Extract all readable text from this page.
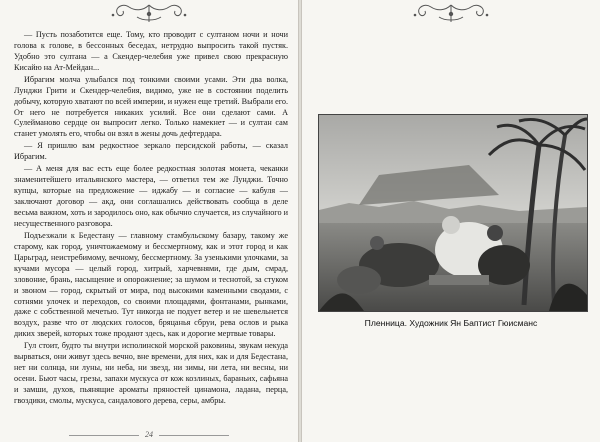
— Пусть позаботится еще. Тому, кто проводит с султаном ночи и ночи голова к голове, в бессонных беседах, нетрудно выпросить такой пустяк. Удобно это султана — а Скендер-челебия уже привел свою прекрасную Кисайю на Ат-Мейдан...

Ибрагим молча улыбался под тонкими своими усами. Эти два волка, Лунджи Грити и Скендер-челебия, видимо, уже не в состоянии поделить добычу, которую хватают по всей империи, и нужен еще третий. Выбрали его. От него не потребуется никаких усилий. Все они сделают сами. А Сулейманово сердце он выпросит легко. Только намекнет — и султан сам станет умолять его, чтобы он взял в жены дочь дефтердара.

— Я пришлю вам редкостное зеркало персидской работы, — сказал Ибрагим.

— А меня для вас есть еще более редкостная золотая монета, чеканки знаменитейшего итальянского мастера, — ответил тем же Лунджи. Точно купцы, которые на предложение — иджабу — и согласие — кабуля — заключают договор — акд, они соглашались действовать сообща в деле весьма важном, хоть и зародилось оно, как обычно случается, из случайного и несущественного разговора.

Подъезжали к Бедестану — главному стамбульскому базару, такому же старому, как город, уничтожаемому и бессмертному, как и этот город и как Царьград, неистребимому, вечному, бессмертному. За узенькими улочками, за кучами мусора — целый город, хитрый, харчевнями, где дым, смрад, зловоние, брань, насыщение и опорожнение; за шумом и теснотой, за стуком и звоном — город, скрытый от мира, под высокими каменными сводами, с сотнями улочек и переходов, со своими площадями, фонтанами, рынками, даже с собственной мечетью. Тут никогда не подует ветер и не шевельнется воздух, разве что от людских голосов, бряцанья сбруи, рева ослов и рыка диких зверей, которых тоже продают здесь, как и дорогие мертвые товары.

Гул стоит, будто ты внутри исполинской морской раковины, звукам некуда вырваться, они живут здесь вечно, вне времени, для них, как и для Бедестана, нет ни солнца, ни луны, ни неба, ни звезд, ни зимы, ни лета, ни весны, ни осени. Бьют часы, грезы, запахи мускуса от кож козлиных, бараньих, сафьяна и замши, духов, пьянящие ароматы пряностей цинамона, ладана, перца, гвоздики, смолы, мускуса, сандалового дерева, серы, амбры.

24
Пленница. Художник Ян Баптист Гюисманс
